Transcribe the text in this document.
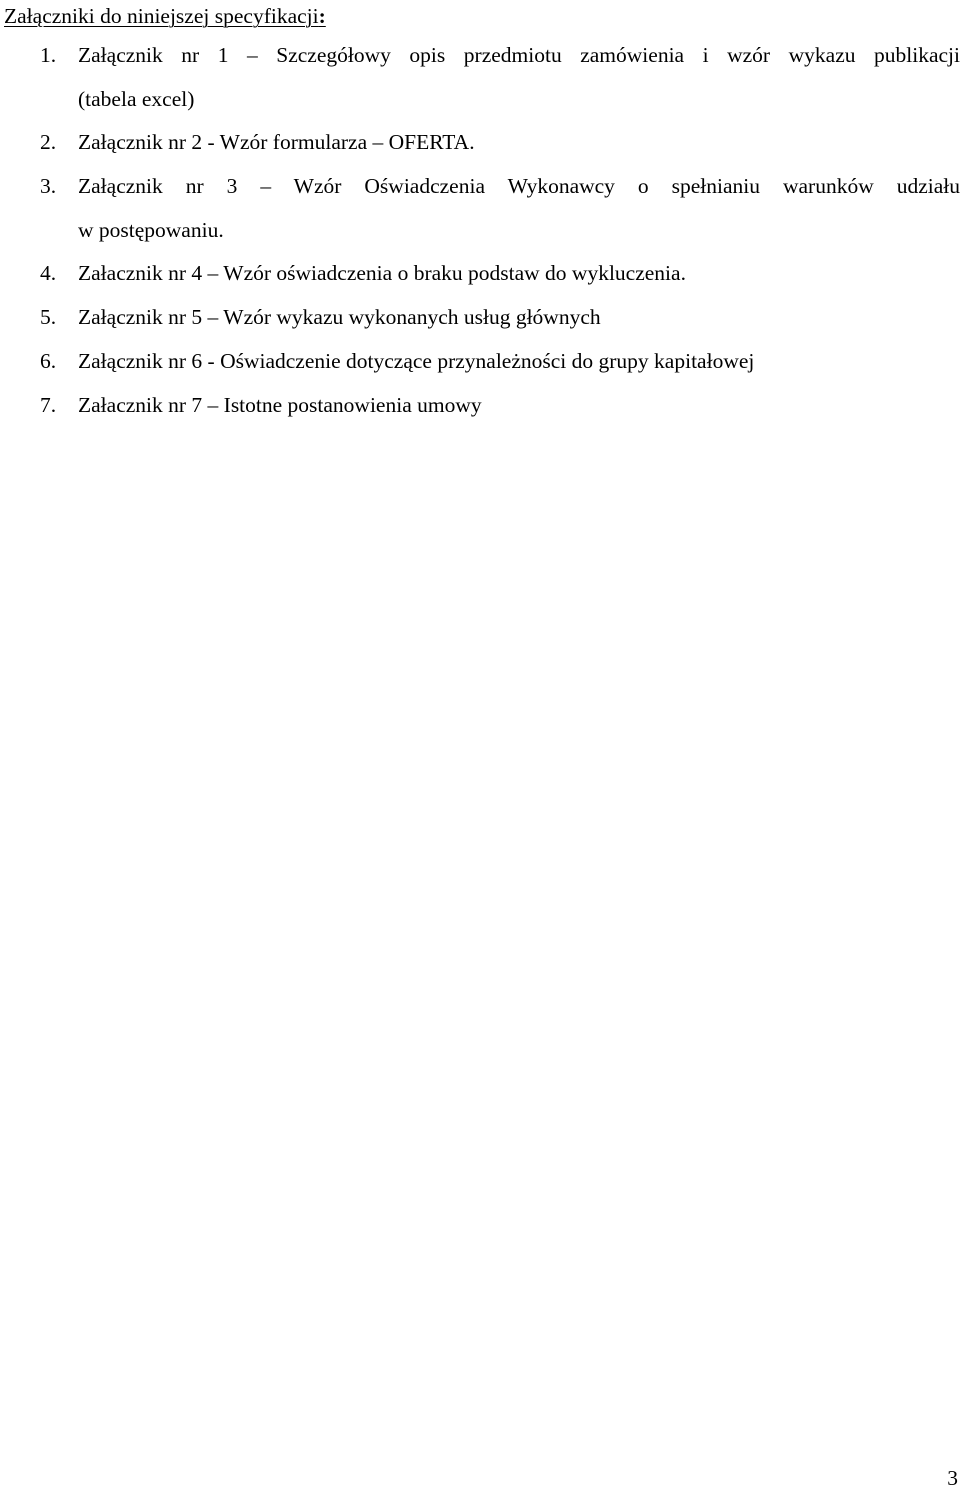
Załączniki do niniejszej specyfikacji:
1. Załącznik nr 1 – Szczegółowy opis przedmiotu zamówienia i wzór wykazu publikacji
(tabela excel)
2. Załącznik nr 2 - Wzór formularza – OFERTA.
3. Załącznik nr 3 – Wzór Oświadczenia Wykonawcy o spełnianiu warunków udziału
w postępowaniu.
4. Załacznik nr 4 – Wzór oświadczenia o braku podstaw do wykluczenia.
5. Załącznik nr 5 – Wzór wykazu wykonanych usług głównych
6. Załącznik nr 6 - Oświadczenie dotyczące przynależności do grupy kapitałowej
7. Załacznik nr 7 – Istotne postanowienia umowy
3
